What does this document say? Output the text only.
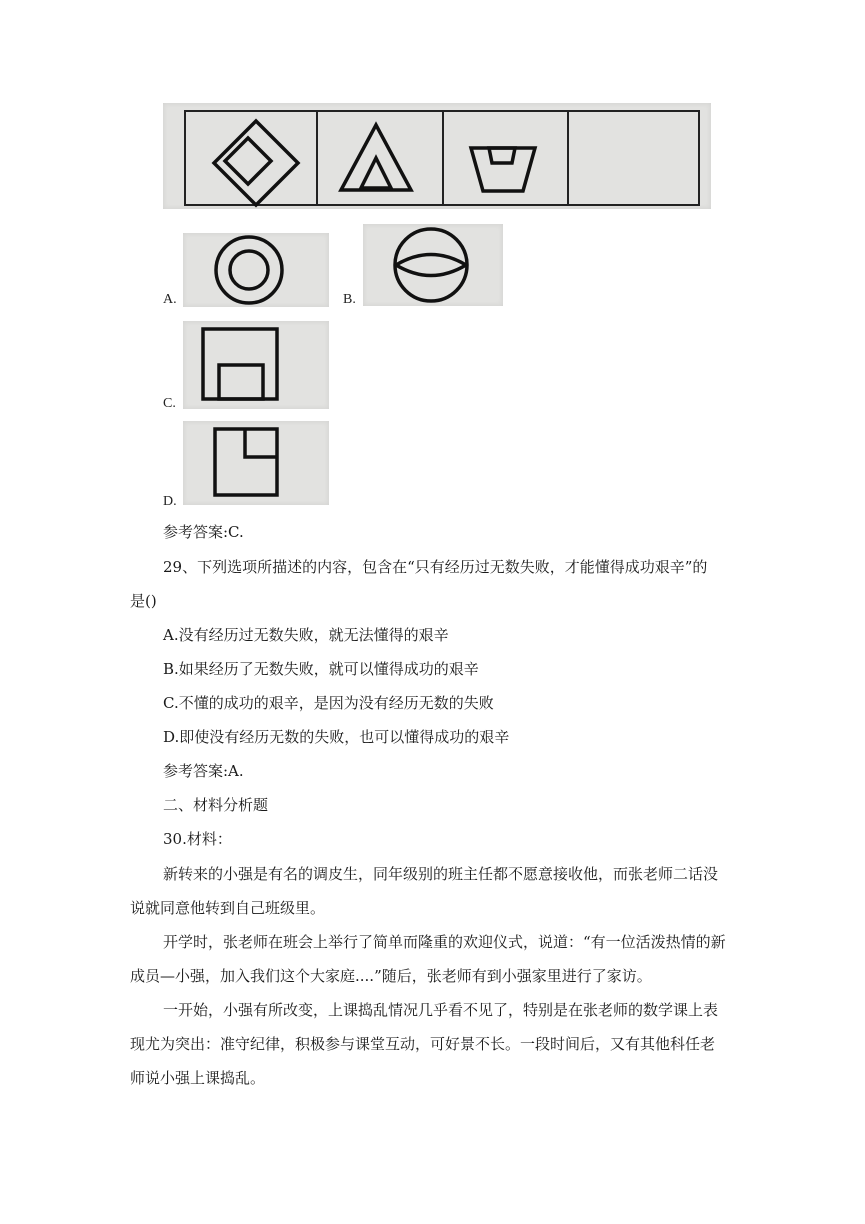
A.	B.
C.
D.
参考答案:C.
29、下列选项所描述的内容，包含在“只有经历过无数失败，才能懂得成功艰辛”的
是()
A.没有经历过无数失败，就无法懂得的艰辛
B.如果经历了无数失败，就可以懂得成功的艰辛
C.不懂的成功的艰辛，是因为没有经历无数的失败
D.即使没有经历无数的失败，也可以懂得成功的艰辛
参考答案:A.
二、材料分析题
30.材料：
新转来的小强是有名的调皮生，同年级别的班主任都不愿意接收他，而张老师二话没
说就同意他转到自己班级里。
开学时，张老师在班会上举行了简单而隆重的欢迎仪式，说道：“有一位活泼热情的新
成员—小强，加入我们这个大家庭....”随后，张老师有到小强家里进行了家访。
一开始，小强有所改变，上课捣乱情况几乎看不见了，特别是在张老师的数学课上表
现尤为突出：准守纪律，积极参与课堂互动，可好景不长。一段时间后，又有其他科任老
师说小强上课捣乱。
